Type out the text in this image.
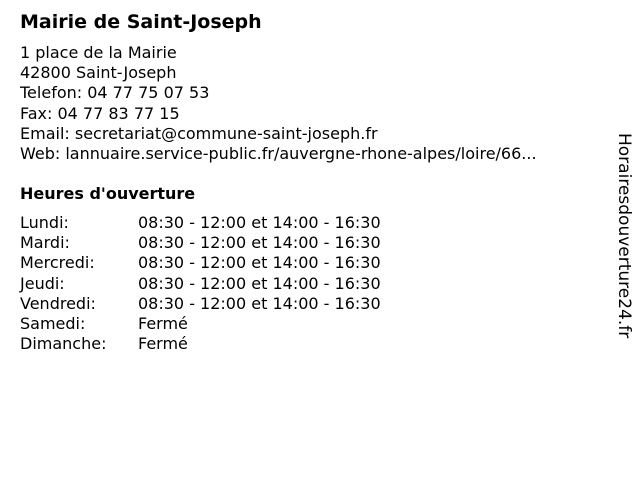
Mairie de Saint-Joseph
1 place de la Mairie
42800 Saint-Joseph
Telefon: 04 77 75 07 53
Fax: 04 77 83 77 15
Email: secretariat@commune-saint-joseph.fr
Web: lannuaire.service-public.fr/auvergne-rhone-alpes/loire/66...
Heures d'ouverture
Lundi:	08:30 - 12:00 et 14:00 - 16:30
Mardi:	08:30 - 12:00 et 14:00 - 16:30
Mercredi:	08:30 - 12:00 et 14:00 - 16:30
Jeudi:	08:30 - 12:00 et 14:00 - 16:30
Vendredi:	08:30 - 12:00 et 14:00 - 16:30
Samedi:	Fermé
Dimanche:	Fermé
Horairesdouverture24.fr
